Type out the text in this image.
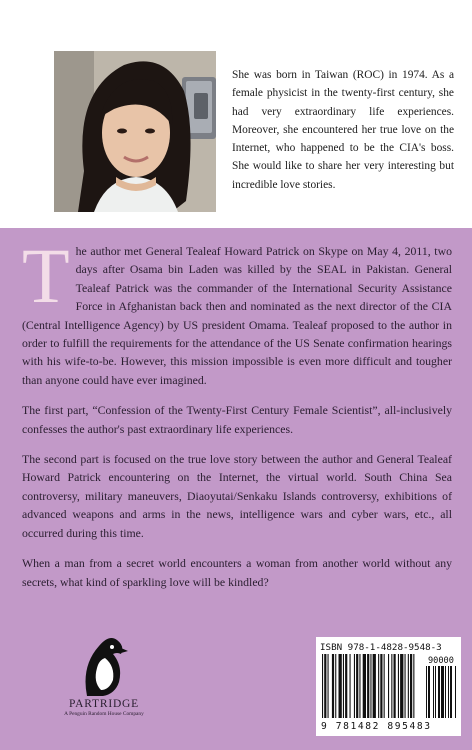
She was born in Taiwan (ROC) in 1974. As a female physicist in the twenty-first century, she had very extraordinary life experiences. Moreover, she encountered her true love on the Internet, who happened to be the CIA's boss. She would like to share her very interesting but incredible love stories.

The author met General Tealeaf Howard Patrick on Skype on May 4, 2011, two days after Osama bin Laden was killed by the SEAL in Pakistan. General Tealeaf Patrick was the commander of the International Security Assistance Force in Afghanistan back then and nominated as the next director of the CIA (Central Intelligence Agency) by US president Omama. Tealeaf proposed to the author in order to fulfill the requirements for the attendance of the US Senate confirmation hearings with his wife-to-be. However, this mission impossible is even more difficult and tougher than anyone could have ever imagined.

The first part, “Confession of the Twenty-First Century Female Scientist”, all-inclusively confesses the author's past extraordinary life experiences.

The second part is focused on the true love story between the author and General Tealeaf Howard Patrick encountering on the Internet, the virtual world. South China Sea controversy, military maneuvers, Diaoyutai/Senkaku Islands controversy, exhibitions of advanced weapons and arms in the news, intelligence wars and cyber wars, etc., all occurred during this time.

When a man from a secret world encounters a woman from another world without any secrets, what kind of sparkling love will be kindled?

PARTRIDGE
A Penguin Random House Company
ISBN 978-1-4828-9548-3
90000
9 781482 895483
